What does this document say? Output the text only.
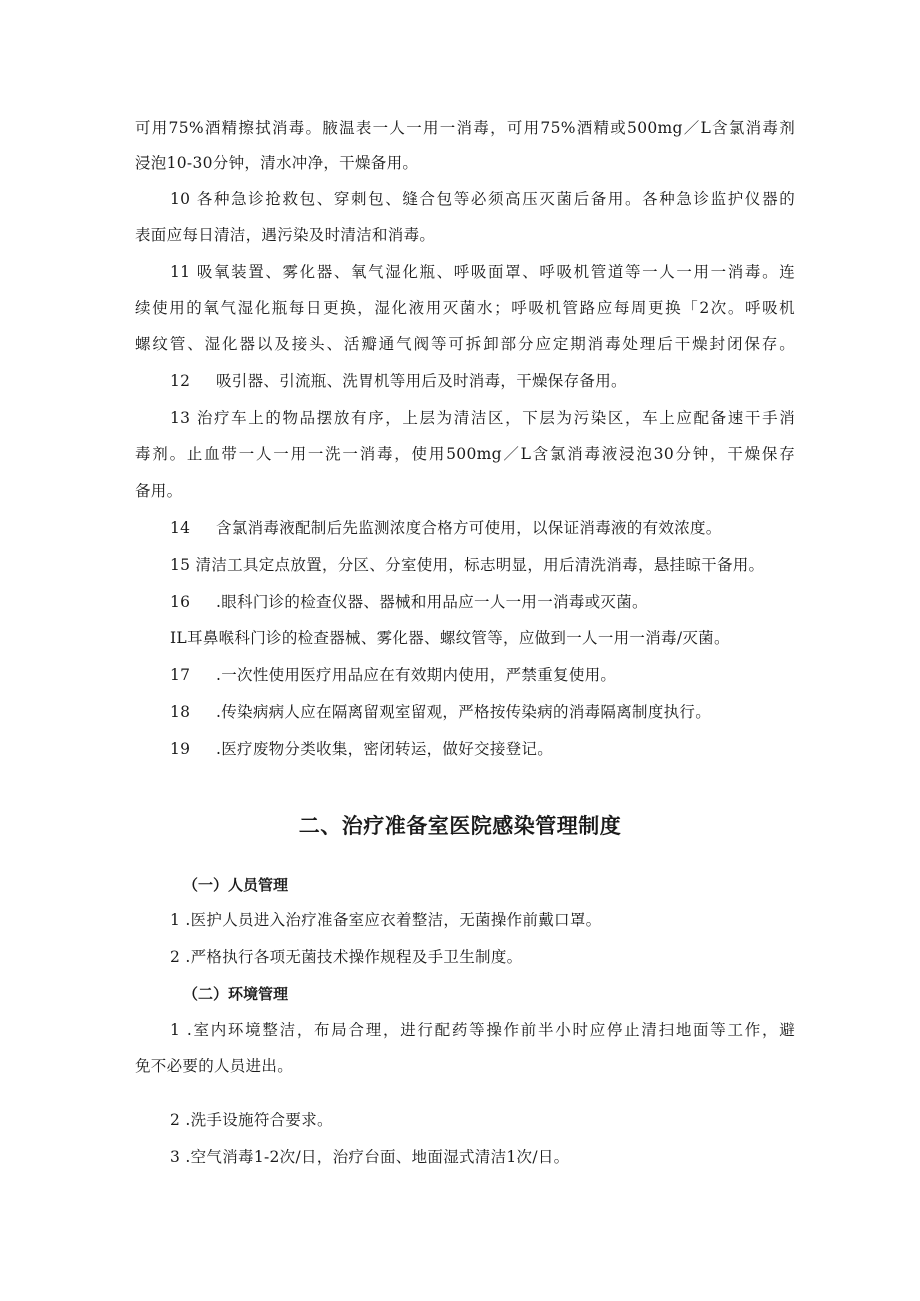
可用75%酒精擦拭消毒。腋温表一人一用一消毒，可用75%酒精或500mg／L含氯消毒剂
浸泡10-30分钟，清水冲净，干燥备用。
10 各种急诊抢救包、穿刺包、缝合包等必须高压灭菌后备用。各种急诊监护仪器的
表面应每日清洁，遇污染及时清洁和消毒。
11 吸氧装置、雾化器、氧气湿化瓶、呼吸面罩、呼吸机管道等一人一用一消毒。连
续使用的氧气湿化瓶每日更换，湿化液用灭菌水；呼吸机管路应每周更换「2次。呼吸机
螺纹管、湿化器以及接头、活瓣通气阀等可拆卸部分应定期消毒处理后干燥封闭保存。
12 吸引器、引流瓶、洗胃机等用后及时消毒，干燥保存备用。
13 治疗车上的物品摆放有序，上层为清洁区，下层为污染区，车上应配备速干手消
毒剂。止血带一人一用一洗一消毒，使用500mg／L含氯消毒液浸泡30分钟，干燥保存
备用。
14 含氯消毒液配制后先监测浓度合格方可使用，以保证消毒液的有效浓度。
15 清洁工具定点放置，分区、分室使用，标志明显，用后清洗消毒，悬挂晾干备用。
16 .眼科门诊的检查仪器、器械和用品应一人一用一消毒或灭菌。
IL耳鼻喉科门诊的检查器械、雾化器、螺纹管等，应做到一人一用一消毒/灭菌。
17 .一次性使用医疗用品应在有效期内使用，严禁重复使用。
18 .传染病病人应在隔离留观室留观，严格按传染病的消毒隔离制度执行。
19 .医疗废物分类收集，密闭转运，做好交接登记。
二、治疗准备室医院感染管理制度
（一）人员管理
1 .医护人员进入治疗准备室应衣着整洁，无菌操作前戴口罩。
2 .严格执行各项无菌技术操作规程及手卫生制度。
（二）环境管理
1 .室内环境整洁，布局合理，进行配药等操作前半小时应停止清扫地面等工作，避
免不必要的人员进出。
2 .洗手设施符合要求。
3 .空气消毒1-2次/日，治疗台面、地面湿式清洁1次/日。
